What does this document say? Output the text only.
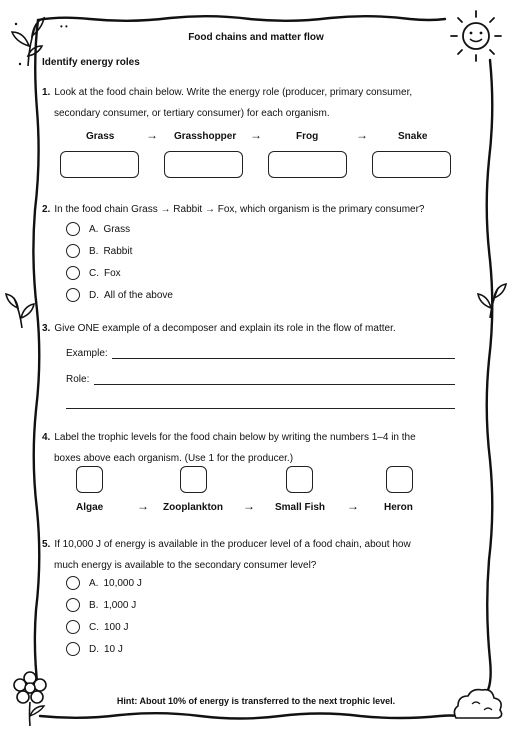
• •
Food chains and matter flow
Identify energy roles
1. Look at the food chain below. Write the energy role (producer, primary consumer,
secondary consumer, or tertiary consumer) for each organism.
Grass	→ Grasshopper →	Frog	→	Snake
2. In the food chain Grass → Rabbit → Fox, which organism is the primary consumer?
A. Grass
B. Rabbit
C. Fox
D. All of the above
3. Give ONE example of a decomposer and explain its role in the flow of matter.
Example:
Role:
4. Label the trophic levels for the food chain below by writing the numbers 1–4 in the
boxes above each organism. (Use 1 for the producer.)
Algae	→ Zooplankton → Small Fish →	Heron
5. If 10,000 J of energy is available in the producer level of a food chain, about how
much energy is available to the secondary consumer level?
A. 10,000 J
B. 1,000 J
C. 100 J
D. 10 J
Hint: About 10% of energy is transferred to the next trophic level.
